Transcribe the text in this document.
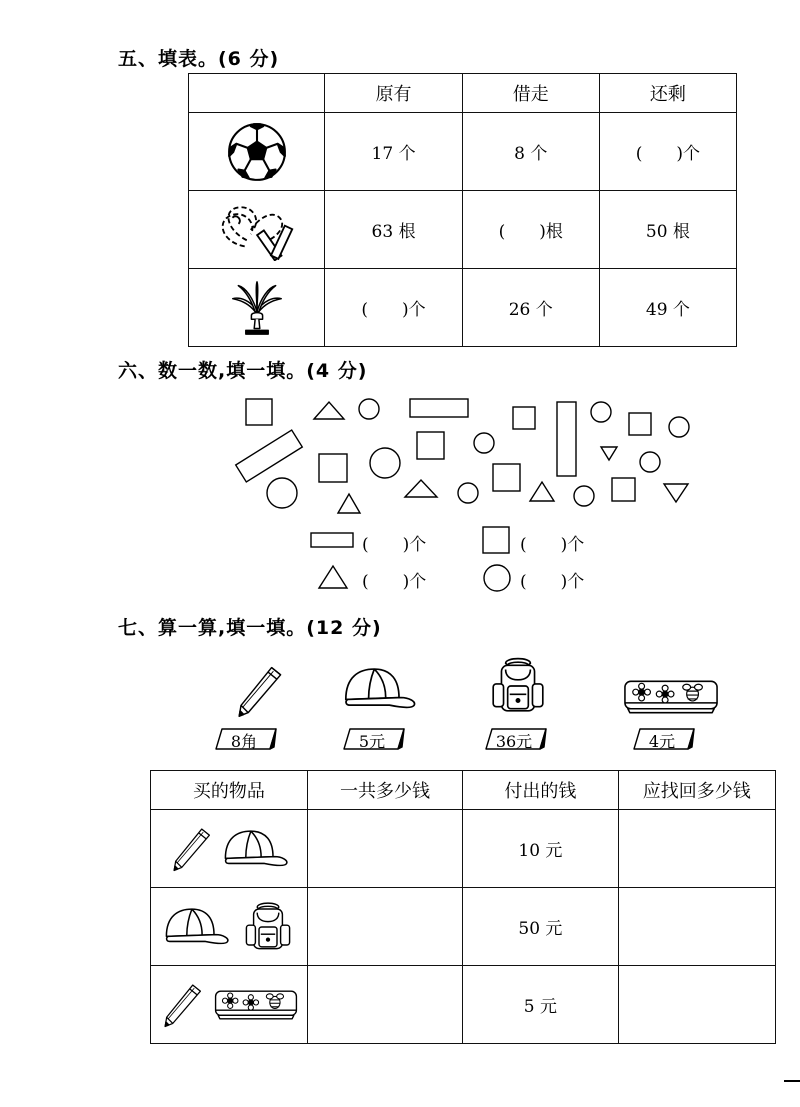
五、填表。(6 分)
	原有	借走	还剩

	17 个	8 个	(　　)个

	63 根	(　　)根	50 根

	(　　)个	26 个	49 个
六、数一数,填一填。(4 分)
(　　)个	(　　)个
(　　)个	(　　)个
七、算一算,填一填。(12 分)
8角	5元	36元	4元
买的物品	一共多少钱	付出的钱	应找回多少钱

		10 元	

		50 元	

		5 元	
